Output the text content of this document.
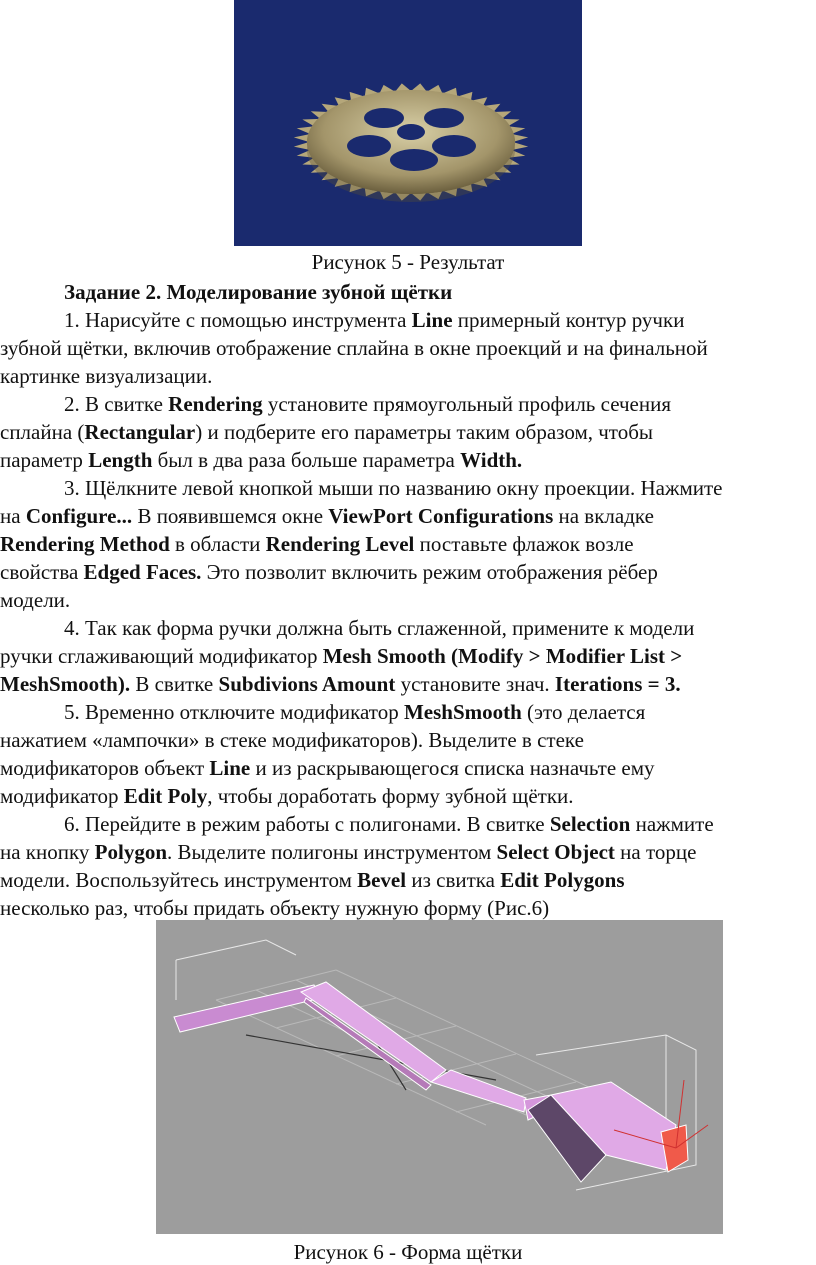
Рисунок 5 - Результат
Задание 2. Моделирование зубной щётки
1. Нарисуйте с помощью инструмента Line примерный контур ручки
зубной щётки, включив отображение сплайна в окне проекций и на финальной
картинке визуализации.
2. В свитке Rendering установите прямоугольный профиль сечения
сплайна (Rectangular) и подберите его параметры таким образом, чтобы
параметр Length был в два раза больше параметра Width.
3. Щёлкните левой кнопкой мыши по названию окну проекции. Нажмите
на Configure... В появившемся окне ViewPort Configurations на вкладке
Rendering Method в области Rendering Level поставьте флажок возле
свойства Edged Faces. Это позволит включить режим отображения рёбер
модели.
4. Так как форма ручки должна быть сглаженной, примените к модели
ручки сглаживающий модификатор Mesh Smooth (Modify > Modifier List >
MeshSmooth). В свитке Subdivions Amount установите знач. Iterations = 3.
5. Временно отключите модификатор MeshSmooth (это делается
нажатием «лампочки» в стеке модификаторов). Выделите в стеке
модификаторов объект Line и из раскрывающегося списка назначьте ему
модификатор Edit Poly, чтобы доработать форму зубной щётки.
6. Перейдите в режим работы с полигонами. В свитке Selection нажмите
на кнопку Polygon. Выделите полигоны инструментом Select Object на торце
модели. Воспользуйтесь инструментом Bevel из свитка Edit Polygons
несколько раз, чтобы придать объекту нужную форму (Рис.6)
Рисунок 6 - Форма щётки
